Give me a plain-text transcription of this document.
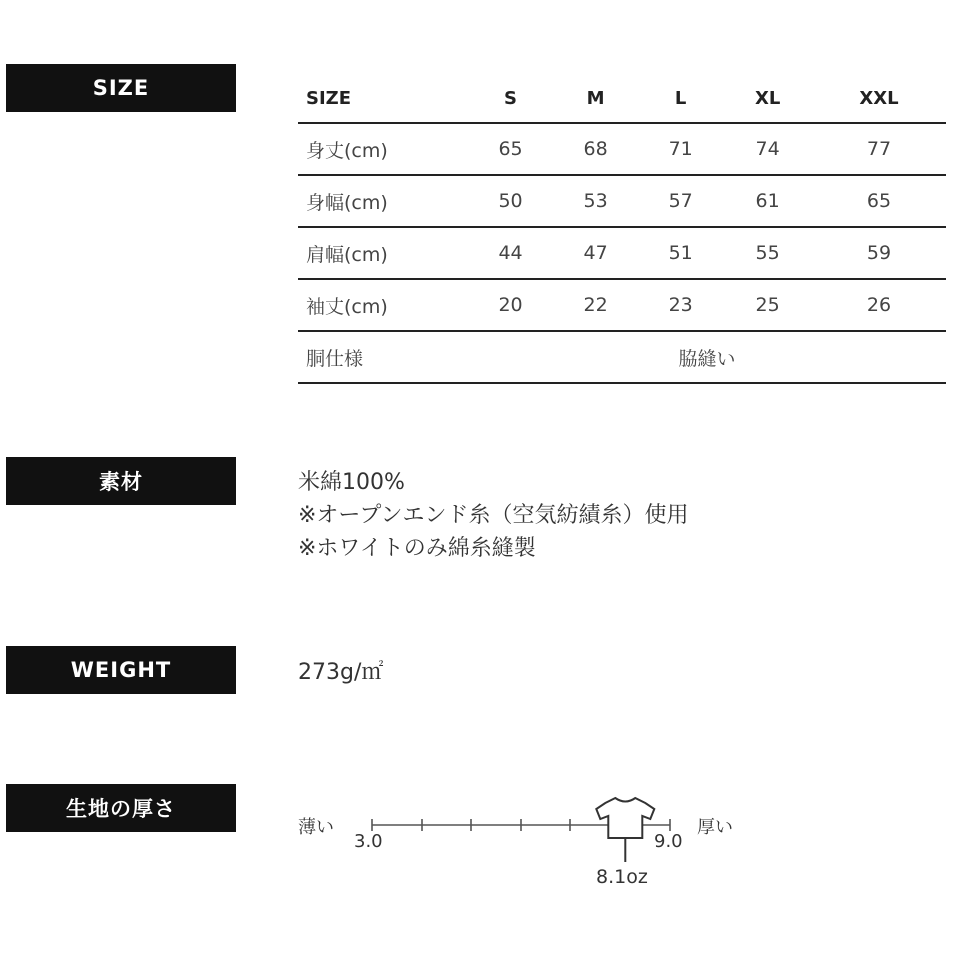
SIZE	SIZE	S	M	L	XL	XXL
身丈(cm)	65	68	71	74	77
身幅(cm)	50	53	57	61	65
肩幅(cm)	44	47	51	55	59
袖丈(cm)	20	22	23	25	26
胴仕様	脇縫い				
素材	米綿100%
※オープンエンド糸（空気紡績糸）使用
※ホワイトのみ綿糸縫製
WEIGHT	273g/㎡
生地の厚さ
薄い
3.0	9.0
厚い
8.1oz
